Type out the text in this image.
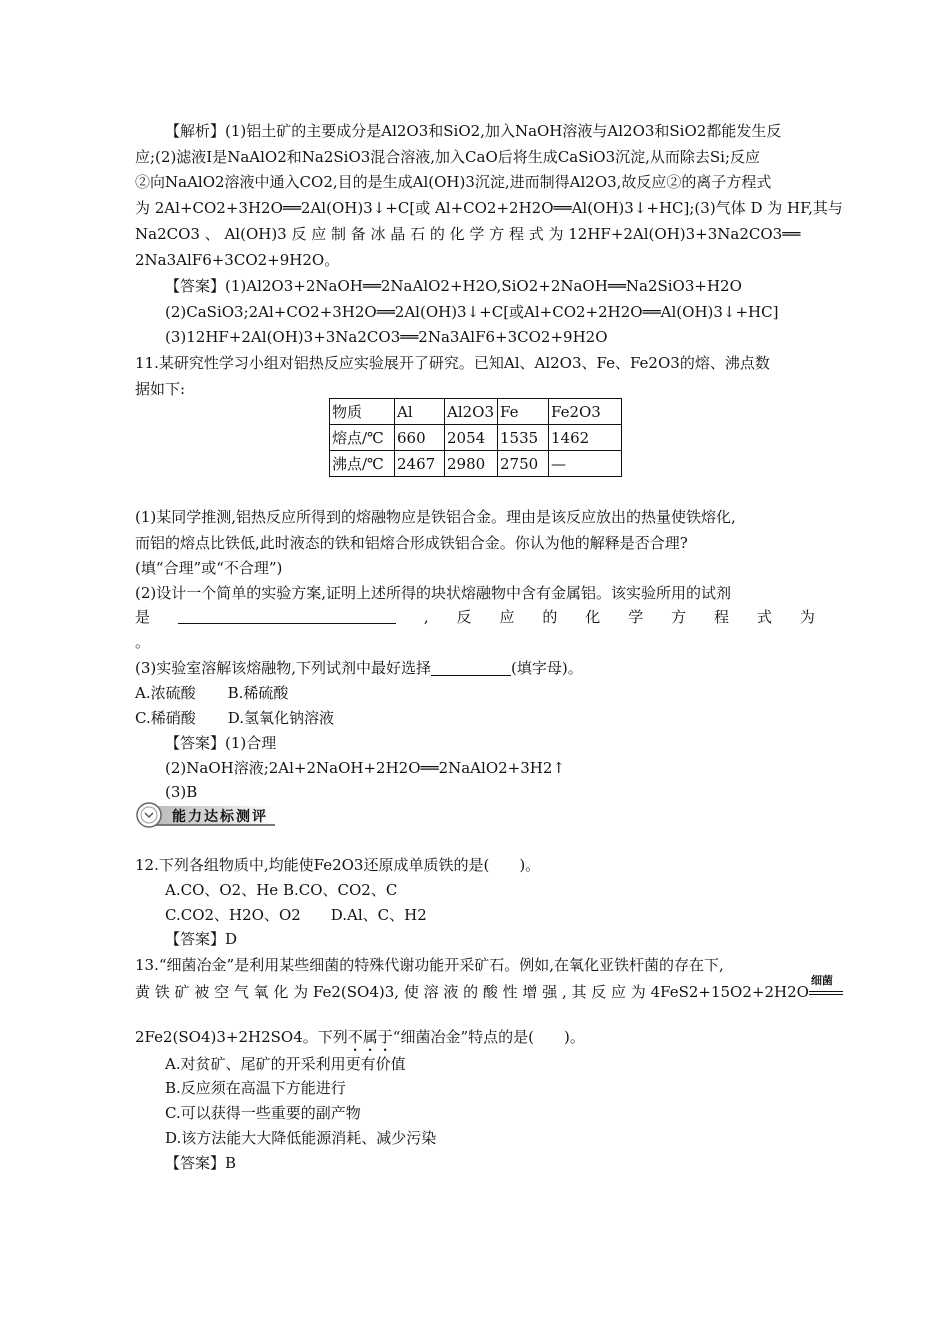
【解析】(1)铝土矿的主要成分是Al2O3和SiO2,加入NaOH溶液与Al2O3和SiO2都能发生反
应;(2)滤液Ⅰ是NaAlO2和Na2SiO3混合溶液,加入CaO后将生成CaSiO3沉淀,从而除去Si;反应
②向NaAlO2溶液中通入CO2,目的是生成Al(OH)3沉淀,进而制得Al2O3,故反应②的离子方程式
为 2Al+CO2+3H2O══2Al(OH)3↓+C[或 Al+CO2+2H2O══Al(OH)3↓+HC];(3)气体 D 为 HF,其与
Na2CO3 、 Al(OH)3 反 应 制 备 冰 晶 石 的 化 学 方 程 式 为 12HF+2Al(OH)3+3Na2CO3══
2Na3AlF6+3CO2+9H2O。
【答案】(1)Al2O3+2NaOH══2NaAlO2+H2O,SiO2+2NaOH══Na2SiO3+H2O
(2)CaSiO3;2Al+CO2+3H2O══2Al(OH)3↓+C[或Al+CO2+2H2O══Al(OH)3↓+HC]
(3)12HF+2Al(OH)3+3Na2CO3══2Na3AlF6+3CO2+9H2O
11.某研究性学习小组对铝热反应实验展开了研究。已知Al、Al2O3、Fe、Fe2O3的熔、沸点数
据如下:
物质	Al	Al2O3	Fe	Fe2O3
熔点/℃	660	2054	1535	1462
沸点/℃	2467	2980	2750	—
(1)某同学推测,铝热反应所得到的熔融物应是铁铝合金。理由是该反应放出的热量使铁熔化,
而铝的熔点比铁低,此时液态的铁和铝熔合形成铁铝合金。你认为他的解释是否合理?
(填“合理”或“不合理”)
(2)设计一个简单的实验方案,证明上述所得的块状熔融物中含有金属铝。该实验所用的试剂
是	, 反 应 的 化 学 方 程 式 为
。
(3)实验室溶解该熔融物,下列试剂中最好选择	(填字母)。
A.浓硫酸 B.稀硫酸
C.稀硝酸 D.氢氧化钠溶液
【答案】(1)合理
(2)NaOH溶液;2Al+2NaOH+2H2O══2NaAlO2+3H2↑
(3)B
能力达标测评
12.下列各组物质中,均能使Fe2O3还原成单质铁的是(　　)。
A.CO、O2、He B.CO、CO2、C
C.CO2、H2O、O2　　D.Al、C、H2
【答案】D
13.“细菌冶金”是利用某些细菌的特殊代谢功能开采矿石。例如,在氧化亚铁杆菌的存在下,
黄 铁 矿 被 空 气 氧 化 为 Fe2(SO4)3, 使 溶 液 的 酸 性 增 强 , 其 反 应 为 4FeS2+15O2+2H2O
细菌
2Fe2(SO4)3+2H2SO4。下列不属于“细菌冶金”特点的是(　　)。
A.对贫矿、尾矿的开采利用更有价值
B.反应须在高温下方能进行
C.可以获得一些重要的副产物
D.该方法能大大降低能源消耗、减少污染
【答案】B
